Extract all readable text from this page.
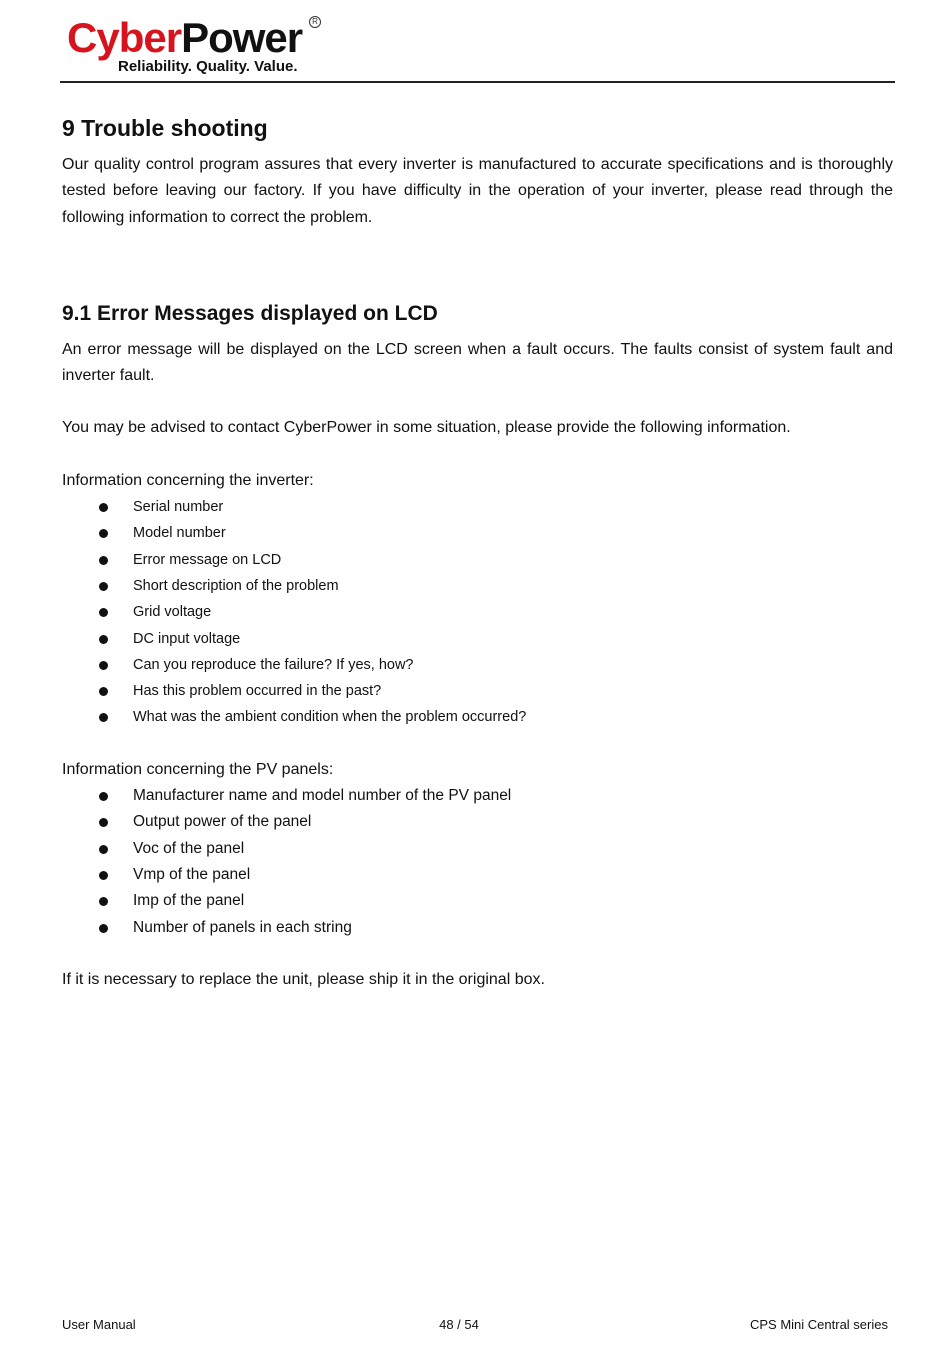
CyberPower	R
Reliability. Quality. Value.
9 Trouble shooting

Our quality control program assures that every inverter is manufactured to accurate specifications and is thoroughly tested before leaving our factory. If you have difficulty in the operation of your inverter, please read through the following information to correct the problem.

9.1 Error Messages displayed on LCD

An error message will be displayed on the LCD screen when a fault occurs. The faults consist of system fault and inverter fault.

You may be advised to contact CyberPower in some situation, please provide the following information.

Information concerning the inverter:

Serial number
Model number
Error message on LCD
Short description of the problem
Grid voltage
DC input voltage
Can you reproduce the failure? If yes, how?
Has this problem occurred in the past?
What was the ambient condition when the problem occurred?

Information concerning the PV panels:

Manufacturer name and model number of the PV panel
Output power of the panel
Voc of the panel
Vmp of the panel
Imp of the panel
Number of panels in each string

If it is necessary to replace the unit, please ship it in the original box.

User Manual	48 / 54	CPS Mini Central series
